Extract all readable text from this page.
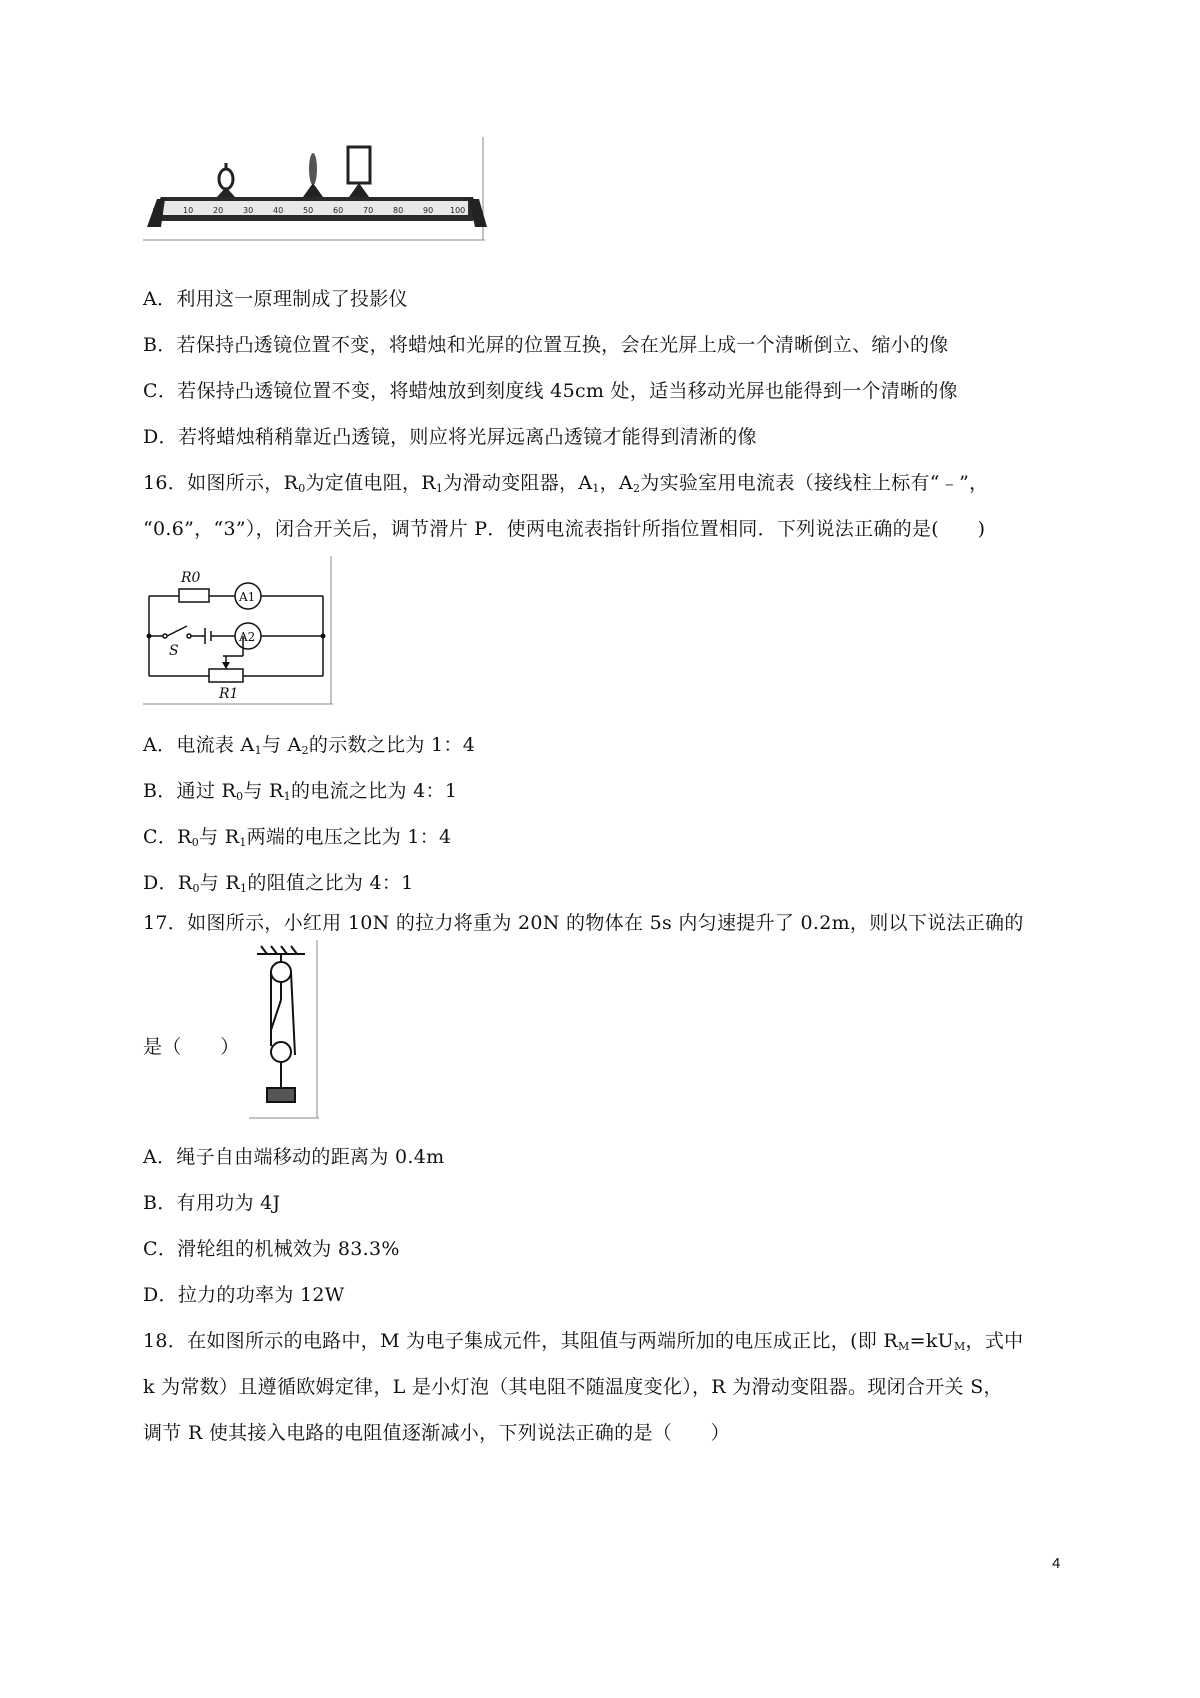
10 20 30 40 50 60 70 80 90 100
A．利用这一原理制成了投影仪
B．若保持凸透镜位置不变，将蜡烛和光屏的位置互换，会在光屏上成一个清晰倒立、缩小的像
C．若保持凸透镜位置不变，将蜡烛放到刻度线 45cm 处，适当移动光屏也能得到一个清晰的像
D．若将蜡烛稍稍靠近凸透镜，则应将光屏远离凸透镜才能得到清淅的像
16．如图所示，$R_0$为定值电阻，$R_1$为滑动变阻器，$A_1$，$A_2$为实验室用电流表（接线柱上标有“﹣”，
“0.6”，“3”），闭合开关后，调节滑片 P．使两电流表指针所指位置相同．下列说法正确的是(　　)
R0
A1
S
A2
R1
A．电流表 $A_1$与 $A_2$的示数之比为 1：4
B．通过 $R_0$与 $R_1$的电流之比为 4：1
C．$R_0$与 $R_1$两端的电压之比为 1：4
D．$R_0$与 $R_1$的阻值之比为 4：1
17．如图所示，小红用 10N 的拉力将重为 20N 的物体在 5s 内匀速提升了 0.2m，则以下说法正确的
是（　　）
A．绳子自由端移动的距离为 0.4m
B．有用功为 4J
C．滑轮组的机械效为 83.3%
D．拉力的功率为 12W
18．在如图所示的电路中，M 为电子集成元件，其阻值与两端所加的电压成正比，(即 $R_M=kU_M$，式中
k 为常数）且遵循欧姆定律，L 是小灯泡（其电阻不随温度变化），R 为滑动变阻器。现闭合开关 S，
调节 R 使其接入电路的电阻值逐渐减小，下列说法正确的是（　　）
4
